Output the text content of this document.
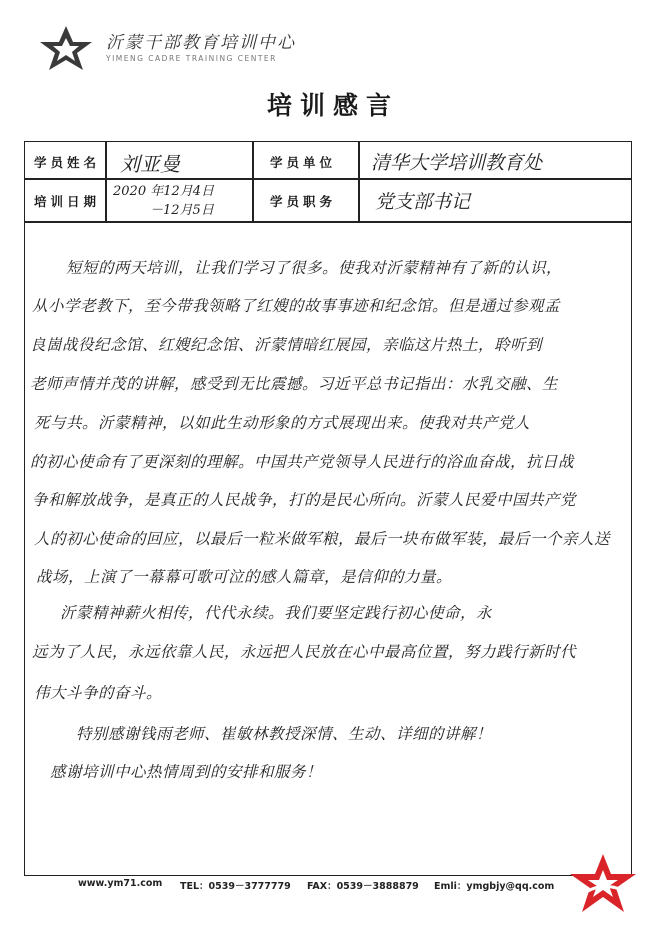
沂蒙干部教育培训中心
YIMENG CADRE TRAINING CENTER
培训感言
学员姓名 刘亚曼	学员单位 清华大学培训教育处
培训日期
2020 年12月4日
－12月5日
学员职务 党支部书记
短短的两天培训，让我们学习了很多。使我对沂蒙精神有了新的认识，
从小学老教下，至今带我领略了红嫂的故事事迹和纪念馆。但是通过参观孟
良崮战役纪念馆、红嫂纪念馆、沂蒙情暗红展园，亲临这片热土，聆听到
老师声情并茂的讲解，感受到无比震撼。习近平总书记指出：水乳交融、生
死与共。沂蒙精神，以如此生动形象的方式展现出来。使我对共产党人
的初心使命有了更深刻的理解。中国共产党领导人民进行的浴血奋战，抗日战
争和解放战争，是真正的人民战争，打的是民心所向。沂蒙人民爱中国共产党
人的初心使命的回应，以最后一粒米做军粮，最后一块布做军装，最后一个亲人送
战场，上演了一幕幕可歌可泣的感人篇章，是信仰的力量。
沂蒙精神薪火相传，代代永续。我们要坚定践行初心使命，永
远为了人民，永远依靠人民，永远把人民放在心中最高位置，努力践行新时代
伟大斗争的奋斗。
特别感谢钱雨老师、崔敏林教授深情、生动、详细的讲解！
感谢培训中心热情周到的安排和服务！
www.ym71.com TEL：0539－3777779 FAX：0539－3888879 Emli：ymgbjy@qq.com
